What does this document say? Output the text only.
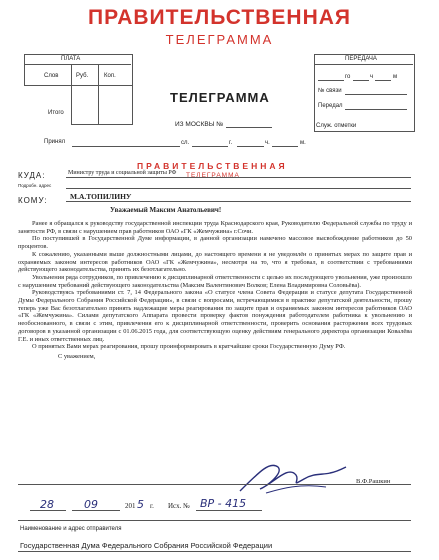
ПРАВИТЕЛЬСТВЕННАЯ
ТЕЛЕГРАММА
ПЛАТА
Слов	Руб.	Коп.
Итого
Принял
ТЕЛЕГРАММА
ИЗ МОСКВЫ №
сл.	г.	ч.	м.
ПЕРЕДАЧА
го	ч	м
№ связи
Передал
Служ. отметки
ПРАВИТЕЛЬСТВЕННАЯ
ТЕЛЕГРАММА
КУДА:
Подробн. адрес
Министру труда и социальной защиты РФ
КОМУ:	М.А.ТОПИЛИНУ
Уважаемый Максим Анатольевич!
Ранее я обращался к руководству государственной инспекции труда Краснодарского края, Руководителю Федеральной службы по труду и занятости РФ, в связи с нарушением прав работников ОАО «ГК «Жемчужина» г.Сочи.
По поступившей в Государственной Думе информации, в данной организации намечено массовое высвобождение работников до 50 процентов.
К сожалению, указанными выше должностными лицами, до настоящего времени я не уведомлён о принятых мерах по защите прав и охраняемых законом интересов работников ОАО «ГК «Жемчужина», несмотря на то, что я требовал, в соответствии с требованиями действующего законодательства, принять их безотлагательно.
Увольнения ряда сотрудников, по привлечению к дисциплинарной ответственности с целью их последующего увольнения, уже произошло с нарушением требований действующего законодательства (Максим Валентинович Волков; Елена Владимировна Соловьёва).
Руководствуясь требованиями ст. 7, 14 Федерального закона «О статусе члена Совета Федерации и статусе депутата Государственной Думы Федерального Собрания Российской Федерации», в связи с вопросами, встречающимися в практике депутатской деятельности, прошу теперь уже Вас безотлагательно принять надлежащие меры реагирования по защите прав и охраняемых законом интересов работников ОАО «ГК «Жемчужина». Силами депутатского Аппарата провести проверку фактов понуждения работодателем работника к увольнению и необоснованного, в связи с этим, привлечения его к дисциплинарной ответственности, проверить основания расторжения всех трудовых договоров в указанной организации с 01.06.2015 года, для соответствующую оценку действиям генерального директора организации Ковалёва Г.Е. и иных ответственных лиц.
О принятых Вами мерах реагирования, прошу проинформировать в кратчайшие сроки Государственную Думу РФ.
С уважением,
В.Ф.Рашкин
28	09	201 5 г. Исх. № ВР - 415
Наименование и адрес отправителя
Государственная Дума Федерального Собрания Российской Федерации
